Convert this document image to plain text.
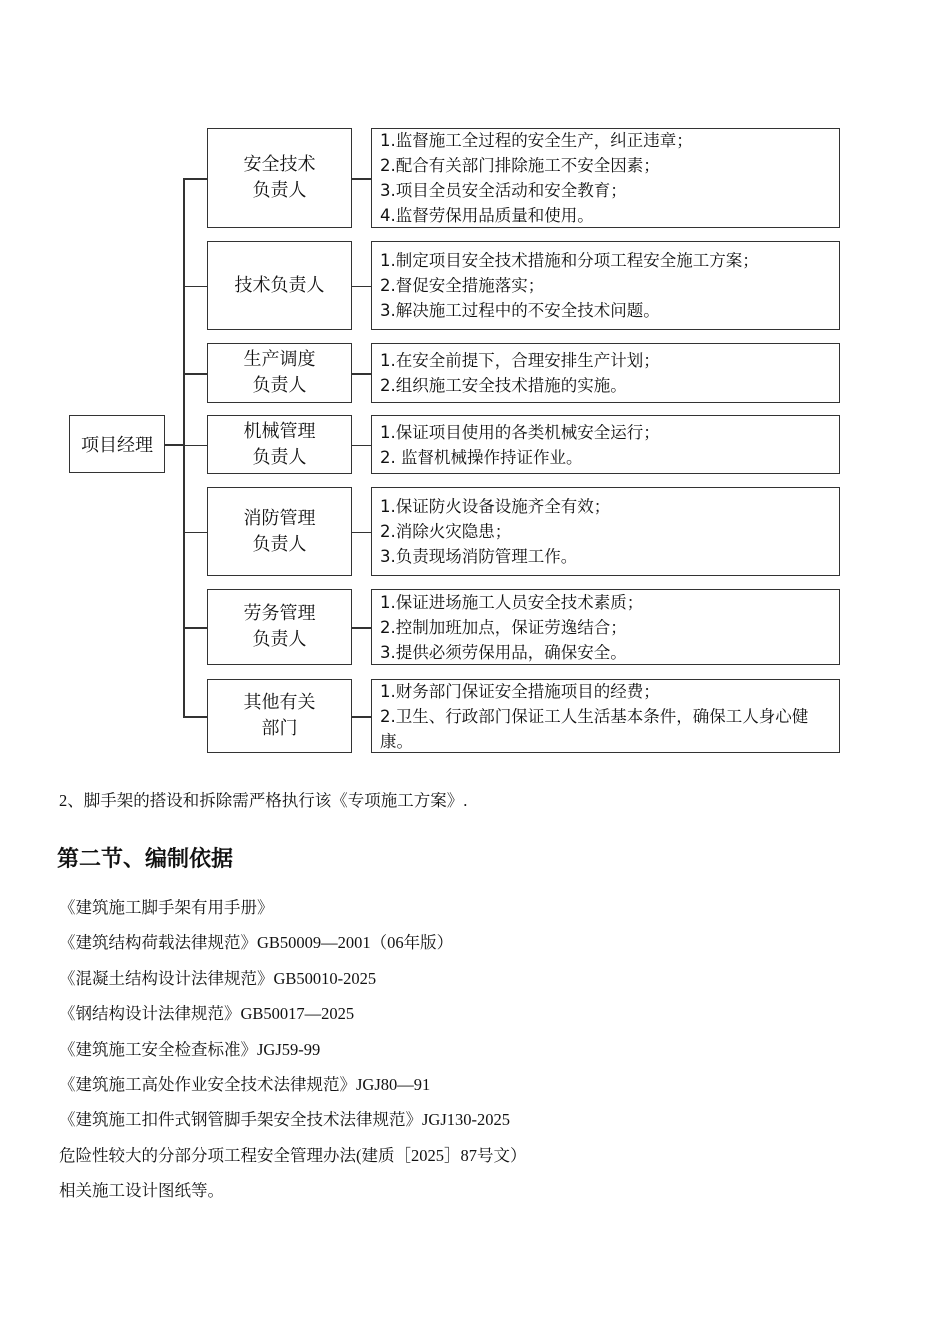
项目经理
安全技术
负责人
1.监督施工全过程的安全生产，纠正违章；
2.配合有关部门排除施工不安全因素；
3.项目全员安全活动和安全教育；
4.监督劳保用品质量和使用。
技术负责人
1.制定项目安全技术措施和分项工程安全施工方案；
2.督促安全措施落实；
3.解决施工过程中的不安全技术问题。
生产调度
负责人
1.在安全前提下，合理安排生产计划；
2.组织施工安全技术措施的实施。
机械管理
负责人
1.保证项目使用的各类机械安全运行；
2. 监督机械操作持证作业。
消防管理
负责人
1.保证防火设备设施齐全有效；
2.消除火灾隐患；
3.负责现场消防管理工作。
劳务管理
负责人
1.保证进场施工人员安全技术素质；
2.控制加班加点，保证劳逸结合；
3.提供必须劳保用品，确保安全。
其他有关
部门
1.财务部门保证安全措施项目的经费；
2.卫生、行政部门保证工人生活基本条件，确保工人身心健康。

2、脚手架的搭设和拆除需严格执行该《专项施工方案》.

第二节、编制依据
《建筑施工脚手架有用手册》
《建筑结构荷载法律规范》GB50009—2001（06年版）
《混凝土结构设计法律规范》GB50010-2025
《钢结构设计法律规范》GB50017—2025
《建筑施工安全检查标准》JGJ59-99
《建筑施工高处作业安全技术法律规范》JGJ80—91
《建筑施工扣件式钢管脚手架安全技术法律规范》JGJ130-2025
危险性较大的分部分项工程安全管理办法(建质［2025］87号文）
相关施工设计图纸等。
